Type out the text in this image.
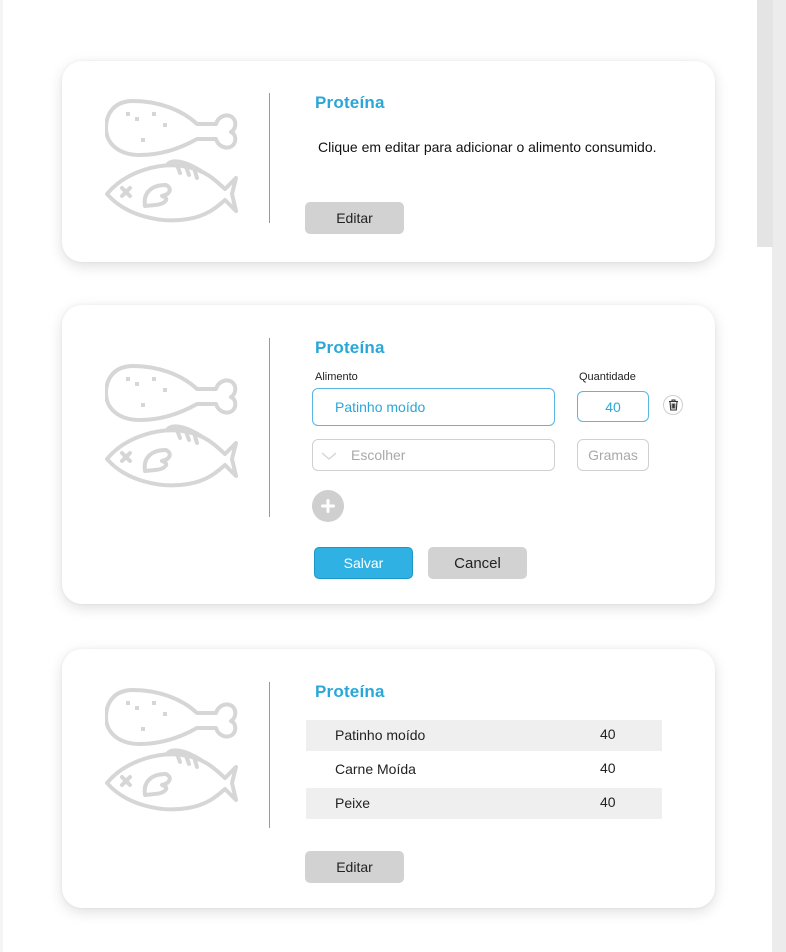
Proteína
Clique em editar para adicionar o alimento consumido.
Editar
Proteína
Alimento	Quantidade
Patinho moído	40
Escolher	Gramas
Salvar	Cancel
Proteína
Patinho moído	40
Carne Moída	40
Peixe	40
Editar
